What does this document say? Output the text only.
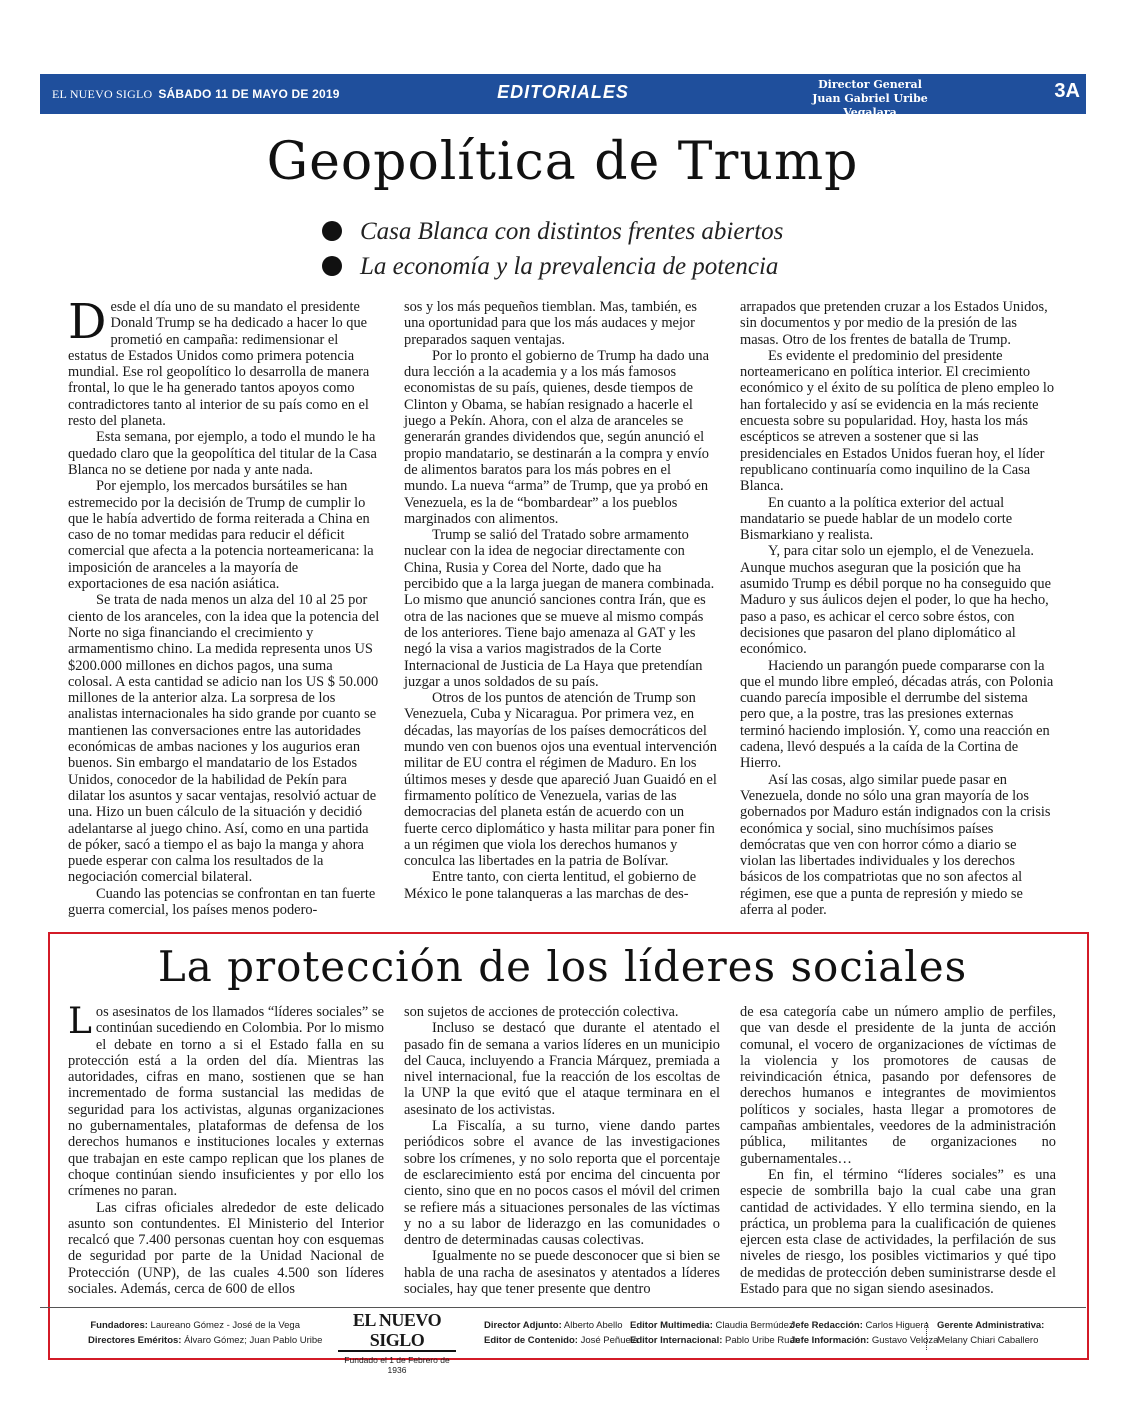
EL NUEVO SIGLO SÁBADO 11 DE MAYO DE 2019	EDITORIALES	Director General
Juan Gabriel Uribe Vegalara
3A
Geopolítica de Trump
Casa Blanca con distintos frentes abiertos
La economía y la prevalencia de potencia

Desde el día uno de su mandato el presidente Donald Trump se ha dedicado a hacer lo que prometió en campaña: redimensionar el estatus de Estados Unidos como primera potencia mundial. Ese rol geopolítico lo desarrolla de manera frontal, lo que le ha generado tantos apoyos como contradictores tanto al interior de su país como en el resto del planeta.

Esta semana, por ejemplo, a todo el mundo le ha quedado claro que la geopolítica del titular de la Casa Blanca no se detiene por nada y ante nada.

Por ejemplo, los mercados bursátiles se han estremecido por la decisión de Trump de cumplir lo que le había advertido de forma reiterada a China en caso de no tomar medidas para reducir el déficit comercial que afecta a la potencia norteamericana: la imposición de aranceles a la mayoría de exportaciones de esa nación asiática.

Se trata de nada menos un alza del 10 al 25 por ciento de los aranceles, con la idea que la potencia del Norte no siga financiando el crecimiento y armamentismo chino. La medida representa unos US $200.000 millones en dichos pagos, una suma colosal. A esta cantidad se adicio nan los US $ 50.000 millones de la anterior alza. La sorpresa de los analistas internacionales ha sido grande por cuanto se mantienen las conversaciones entre las autoridades económicas de ambas naciones y los augurios eran buenos. Sin embargo el mandatario de los Estados Unidos, conocedor de la habilidad de Pekín para dilatar los asuntos y sacar ventajas, resolvió actuar de una. Hizo un buen cálculo de la situación y decidió adelantarse al juego chino. Así, como en una partida de póker, sacó a tiempo el as bajo la manga y ahora puede esperar con calma los resultados de la negociación comercial bilateral.

Cuando las potencias se confrontan en tan fuerte guerra comercial, los países menos podero-

sos y los más pequeños tiemblan. Mas, también, es una oportunidad para que los más audaces y mejor preparados saquen ventajas.

Por lo pronto el gobierno de Trump ha dado una dura lección a la academia y a los más famosos economistas de su país, quienes, desde tiempos de Clinton y Obama, se habían resignado a hacerle el juego a Pekín. Ahora, con el alza de aranceles se generarán grandes dividendos que, según anunció el propio mandatario, se destinarán a la compra y envío de alimentos baratos para los más pobres en el mundo. La nueva “arma” de Trump, que ya probó en Venezuela, es la de “bombardear” a los pueblos marginados con alimentos.

Trump se salió del Tratado sobre armamento nuclear con la idea de negociar directamente con China, Rusia y Corea del Norte, dado que ha percibido que a la larga juegan de manera combinada. Lo mismo que anunció sanciones contra Irán, que es otra de las naciones que se mueve al mismo compás de los anteriores. Tiene bajo amenaza al GAT y les negó la visa a varios magistrados de la Corte Internacional de Justicia de La Haya que pretendían juzgar a unos soldados de su país.

Otros de los puntos de atención de Trump son Venezuela, Cuba y Nicaragua. Por primera vez, en décadas, las mayorías de los países democráticos del mundo ven con buenos ojos una eventual intervención militar de EU contra el régimen de Maduro. En los últimos meses y desde que apareció Juan Guaidó en el firmamento político de Venezuela, varias de las democracias del planeta están de acuerdo con un fuerte cerco diplomático y hasta militar para poner fin a un régimen que viola los derechos humanos y conculca las libertades en la patria de Bolívar.

Entre tanto, con cierta lentitud, el gobierno de México le pone talanqueras a las marchas de des-

arrapados que pretenden cruzar a los Estados Unidos, sin documentos y por medio de la presión de las masas. Otro de los frentes de batalla de Trump.

Es evidente el predominio del presidente norteamericano en política interior. El crecimiento económico y el éxito de su política de pleno empleo lo han fortalecido y así se evidencia en la más reciente encuesta sobre su popularidad. Hoy, hasta los más escépticos se atreven a sostener que si las presidenciales en Estados Unidos fueran hoy, el líder republicano continuaría como inquilino de la Casa Blanca.

En cuanto a la política exterior del actual mandatario se puede hablar de un modelo corte Bismarkiano y realista.

Y, para citar solo un ejemplo, el de Venezuela. Aunque muchos aseguran que la posición que ha asumido Trump es débil porque no ha conseguido que Maduro y sus áulicos dejen el poder, lo que ha hecho, paso a paso, es achicar el cerco sobre éstos, con decisiones que pasaron del plano diplomático al económico.

Haciendo un parangón puede compararse con la que el mundo libre empleó, décadas atrás, con Polonia cuando parecía imposible el derrumbe del sistema pero que, a la postre, tras las presiones externas terminó haciendo implosión. Y, como una reacción en cadena, llevó después a la caída de la Cortina de Hierro.

Así las cosas, algo similar puede pasar en Venezuela, donde no sólo una gran mayoría de los gobernados por Maduro están indignados con la crisis económica y social, sino muchísimos países demócratas que ven con horror cómo a diario se violan las libertades individuales y los derechos básicos de los compatriotas que no son afectos al régimen, ese que a punta de represión y miedo se aferra al poder.

La protección de los líderes sociales

Los asesinatos de los llamados “líderes sociales” se continúan sucediendo en Colombia. Por lo mismo el debate en torno a si el Estado falla en su protección está a la orden del día. Mientras las autoridades, cifras en mano, sostienen que se han incrementado de forma sustancial las medidas de seguridad para los activistas, algunas organizaciones no gubernamentales, plataformas de defensa de los derechos humanos e instituciones locales y externas que trabajan en este campo replican que los planes de choque continúan siendo insuficientes y por ello los crímenes no paran.

Las cifras oficiales alrededor de este delicado asunto son contundentes. El Ministerio del Interior recalcó que 7.400 personas cuentan hoy con esquemas de seguridad por parte de la Unidad Nacional de Protección (UNP), de las cuales 4.500 son líderes sociales. Además, cerca de 600 de ellos

son sujetos de acciones de protección colectiva.

Incluso se destacó que durante el atentado el pasado fin de semana a varios líderes en un municipio del Cauca, incluyendo a Francia Márquez, premiada a nivel internacional, fue la reacción de los escoltas de la UNP la que evitó que el ataque terminara en el asesinato de los activistas.

La Fiscalía, a su turno, viene dando partes periódicos sobre el avance de las investigaciones sobre los crímenes, y no solo reporta que el porcentaje de esclarecimiento está por encima del cincuenta por ciento, sino que en no pocos casos el móvil del crimen se refiere más a situaciones personales de las víctimas y no a su labor de liderazgo en las comunidades o dentro de determinadas causas colectivas.

Igualmente no se puede desconocer que si bien se habla de una racha de asesinatos y atentados a líderes sociales, hay que tener presente que dentro

de esa categoría cabe un número amplio de perfiles, que van desde el presidente de la junta de acción comunal, el vocero de organizaciones de víctimas de la violencia y los promotores de causas de reivindicación étnica, pasando por defensores de derechos humanos e integrantes de movimientos políticos y sociales, hasta llegar a promotores de campañas ambientales, veedores de la administración pública, militantes de organizaciones no gubernamentales…

En fin, el término “líderes sociales” es una especie de sombrilla bajo la cual cabe una gran cantidad de actividades. Y ello termina siendo, en la práctica, un problema para la cualificación de quienes ejercen esta clase de actividades, la perfilación de sus niveles de riesgo, los posibles victimarios y qué tipo de medidas de protección deben suministrarse desde el Estado para que no sigan siendo asesinados.

Fundadores: Laureano Gómez - José de la Vega
Directores Eméritos: Álvaro Gómez; Juan Pablo Uribe
EL NUEVO SIGLO
Fundado el 1 de Febrero de 1936
Director Adjunto: Alberto Abello
Editor de Contenido: José Peñuela
Editor Multimedia: Claudia Bermúdez
Editor Internacional: Pablo Uribe Ruan
Jefe Redacción: Carlos Higuera
Jefe Información: Gustavo Veloza
Gerente Administrativa:
Melany Chiari Caballero
